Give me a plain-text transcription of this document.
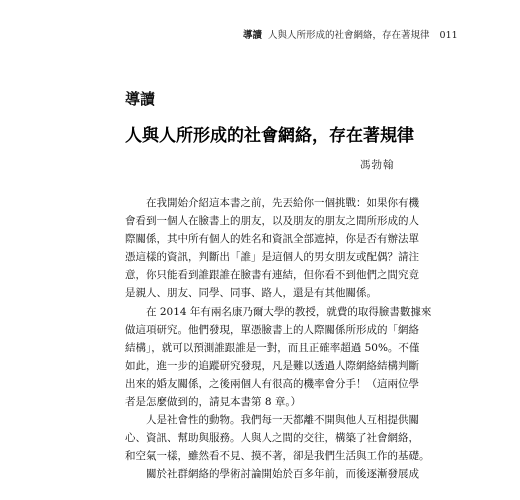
導讀 人與人所形成的社會網絡，存在著規律 011
導讀
人與人所形成的社會網絡，存在著規律
馮勃翰

在我開始介紹這本書之前，先丟給你一個挑戰：如果你有機
會看到一個人在臉書上的朋友，以及朋友的朋友之間所形成的人
際關係，其中所有個人的姓名和資訊全部遮掉，你是否有辦法單
憑這樣的資訊，判斷出「誰」是這個人的男女朋友或配偶？請注
意，你只能看到誰跟誰在臉書有連結，但你看不到他們之間究竟
是親人、朋友、同學、同事、路人，還是有其他關係。

在 2014 年有兩名康乃爾大學的教授，就費的取得臉書數據來
做這項研究。他們發現，單憑臉書上的人際關係所形成的「網絡
結構」，就可以預測誰跟誰是一對，而且正確率超過 50%。不僅
如此，進一步的追蹤研究發現，凡是難以透過人際網絡結構判斷
出來的婚友關係，之後兩個人有很高的機率會分手！（這兩位學
者是怎麼做到的，請見本書第 8 章。）

人是社會性的動物。我們每一天都離不開與他人互相提供關
心、資訊、幫助與服務。人與人之間的交往，構築了社會網絡，
和空氣一樣，雖然看不見、摸不著，卻是我們生活與工作的基礎。

關於社群網絡的學術討論開始於百多年前，而後逐漸發展成
